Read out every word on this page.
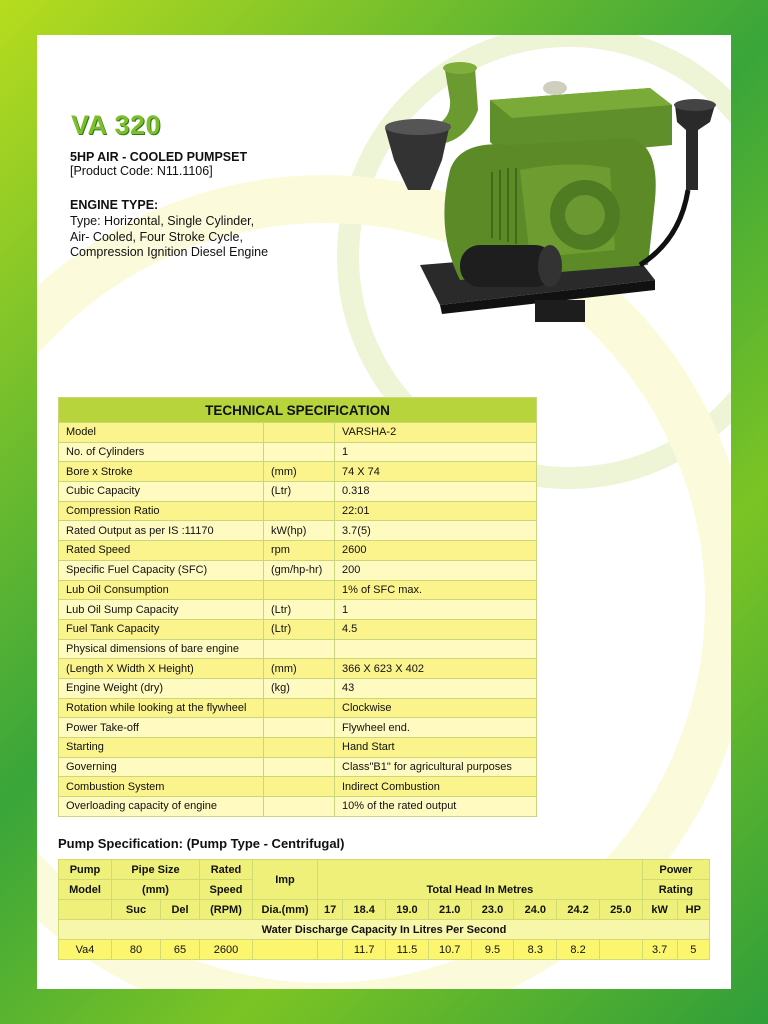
VA 320
5HP AIR - COOLED PUMPSET
[Product Code: N11.1106]
ENGINE TYPE:
Type: Horizontal, Single Cylinder,
Air- Cooled, Four Stroke Cycle,
Compression Ignition Diesel Engine
TECHNICAL SPECIFICATION		
Model		VARSHA-2
No. of Cylinders		1
Bore x Stroke	(mm)	74 X 74
Cubic Capacity	(Ltr)	0.318
Compression Ratio		22:01
Rated Output as per IS :11170	kW(hp)	3.7(5)
Rated Speed	rpm	2600
Specific Fuel Capacity (SFC)	(gm/hp-hr)	200
Lub Oil Consumption		1% of SFC max.
Lub Oil Sump Capacity	(Ltr)	1
Fuel Tank Capacity	(Ltr)	4.5
Physical dimensions of bare engine		
(Length X Width X Height)	(mm)	366 X 623 X 402
Engine Weight (dry)	(kg)	43
Rotation while looking at the flywheel		Clockwise
Power Take-off		Flywheel end.
Starting		Hand Start
Governing		Class"B1" for agricultural purposes
Combustion System		Indirect Combustion
Overloading capacity of engine		10% of the rated output
Pump Specification: (Pump Type - Centrifugal)
Pump	Pipe Size		Rated	Imp	Total Head In Metres								Power	
Model	(mm)		Speed										Rating	
	Suc	Del	(RPM)	Dia.(mm)	17	18.4	19.0	21.0	23.0	24.0	24.2	25.0	kW	HP
Water Discharge Capacity In Litres Per Second														
Va4	80	65	2600			11.7	11.5	10.7	9.5	8.3	8.2		3.7	5
